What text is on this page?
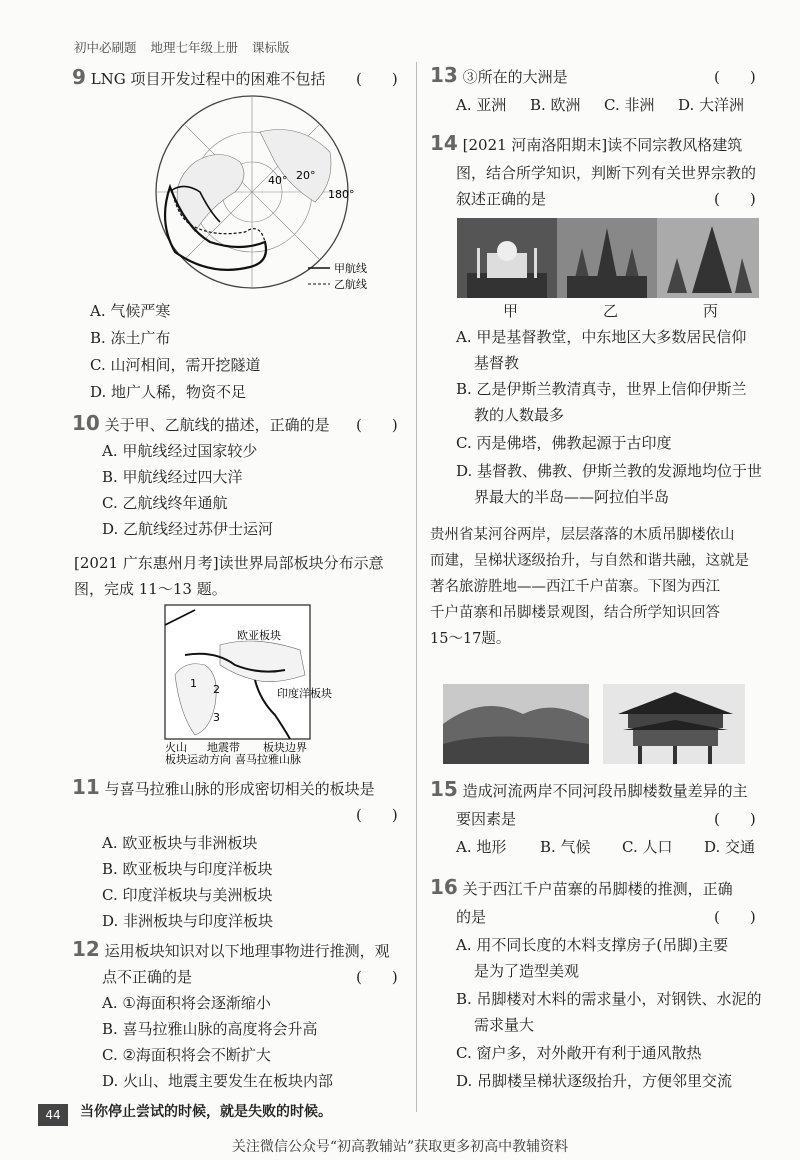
初中必刷题 地理七年级上册 课标版
9 LNG 项目开发过程中的困难不包括 (　　)
40° 20°
180°
甲航线
乙航线
A. 气候严寒
B. 冻土广布
C. 山河相间，需开挖隧道
D. 地广人稀，物资不足
10 关于甲、乙航线的描述，正确的是 (　　)
A. 甲航线经过国家较少
B. 甲航线经过四大洋
C. 乙航线终年通航
D. 乙航线经过苏伊士运河
[2021 广东惠州月考]读世界局部板块分布示意
图，完成 11～13 题。
欧亚板块
印度洋板块
1 2
3
火山 地震带 板块边界
板块运动方向 喜马拉雅山脉
11 与喜马拉雅山脉的形成密切相关的板块是
(　　)
A. 欧亚板块与非洲板块
B. 欧亚板块与印度洋板块
C. 印度洋板块与美洲板块
D. 非洲板块与印度洋板块
12 运用板块知识对以下地理事物进行推测，观
点不正确的是	(　　)
A. ①海面积将会逐渐缩小
B. 喜马拉雅山脉的高度将会升高
C. ②海面积将会不断扩大
D. 火山、地震主要发生在板块内部
13 ③所在的大洲是	(　　)
A. 亚洲 B. 欧洲 C. 非洲 D. 大洋洲
14 [2021 河南洛阳期末]读不同宗教风格建筑
图，结合所学知识，判断下列有关世界宗教的
叙述正确的是	(　　)
甲	乙	丙
A. 甲是基督教堂，中东地区大多数居民信仰
基督教
B. 乙是伊斯兰教清真寺，世界上信仰伊斯兰
教的人数最多
C. 丙是佛塔，佛教起源于古印度
D. 基督教、佛教、伊斯兰教的发源地均位于世
界最大的半岛——阿拉伯半岛
贵州省某河谷两岸，层层落落的木质吊脚楼依山
而建，呈梯状逐级抬升，与自然和谐共融，这就是
著名旅游胜地——西江千户苗寨。下图为西江
千户苗寨和吊脚楼景观图，结合所学知识回答
15～17题。
15 造成河流两岸不同河段吊脚楼数量差异的主
要因素是	(　　)
A. 地形 B. 气候 C. 人口 D. 交通
16 关于西江千户苗寨的吊脚楼的推测，正确
的是	(　　)
A. 用不同长度的木料支撑房子(吊脚)主要
是为了造型美观
B. 吊脚楼对木料的需求量小，对钢铁、水泥的
需求量大
C. 窗户多，对外敞开有利于通风散热
D. 吊脚楼呈梯状逐级抬升，方便邻里交流
44	当你停止尝试的时候，就是失败的时候。
关注微信公众号“初高教辅站”获取更多初高中教辅资料
